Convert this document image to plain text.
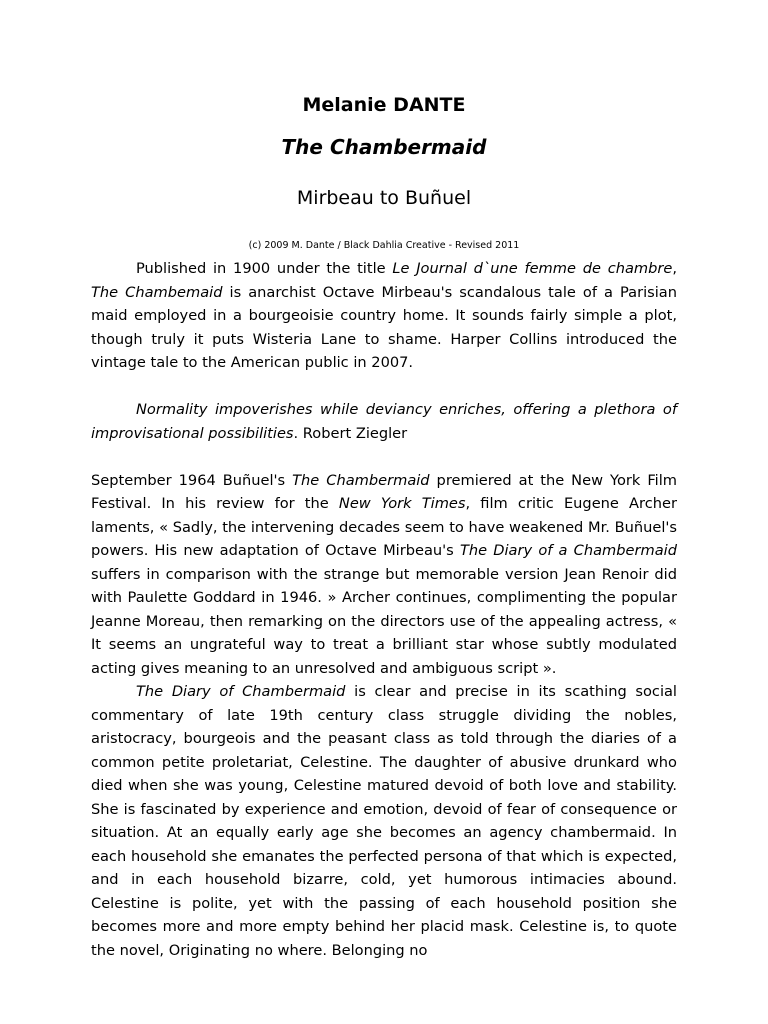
Melanie DANTE
The Chambermaid
Mirbeau to Buñuel
(c) 2009 M. Dante / Black Dahlia Creative - Revised 2011

Published in 1900 under the title Le Journal d`une femme de chambre, The Chambemaid is anarchist Octave Mirbeau's scandalous tale of a Parisian maid employed in a bourgeoisie country home. It sounds fairly simple a plot, though truly it puts Wisteria Lane to shame. Harper Collins introduced the vintage tale to the American public in 2007.

Normality impoverishes while deviancy enriches, offering a plethora of improvisational possibilities. Robert Ziegler

September 1964 Buñuel's The Chambermaid premiered at the New York Film Festival. In his review for the New York Times, film critic Eugene Archer laments, « Sadly, the intervening decades seem to have weakened Mr. Buñuel's powers. His new adaptation of Octave Mirbeau's The Diary of a Chambermaid suffers in comparison with the strange but memorable version Jean Renoir did with Paulette Goddard in 1946. » Archer continues, complimenting the popular Jeanne Moreau, then remarking on the directors use of the appealing actress, « It seems an ungrateful way to treat a brilliant star whose subtly modulated acting gives meaning to an unresolved and ambiguous script ».

The Diary of Chambermaid is clear and precise in its scathing social commentary of late 19th century class struggle dividing the nobles, aristocracy, bourgeois and the peasant class as told through the diaries of a common petite proletariat, Celestine. The daughter of abusive drunkard who died when she was young, Celestine matured devoid of both love and stability. She is fascinated by experience and emotion, devoid of fear of consequence or situation. At an equally early age she becomes an agency chambermaid. In each household she emanates the perfected persona of that which is expected, and in each household bizarre, cold, yet humorous intimacies abound. Celestine is polite, yet with the passing of each household position she becomes more and more empty behind her placid mask. Celestine is, to quote the novel, Originating no where. Belonging no
